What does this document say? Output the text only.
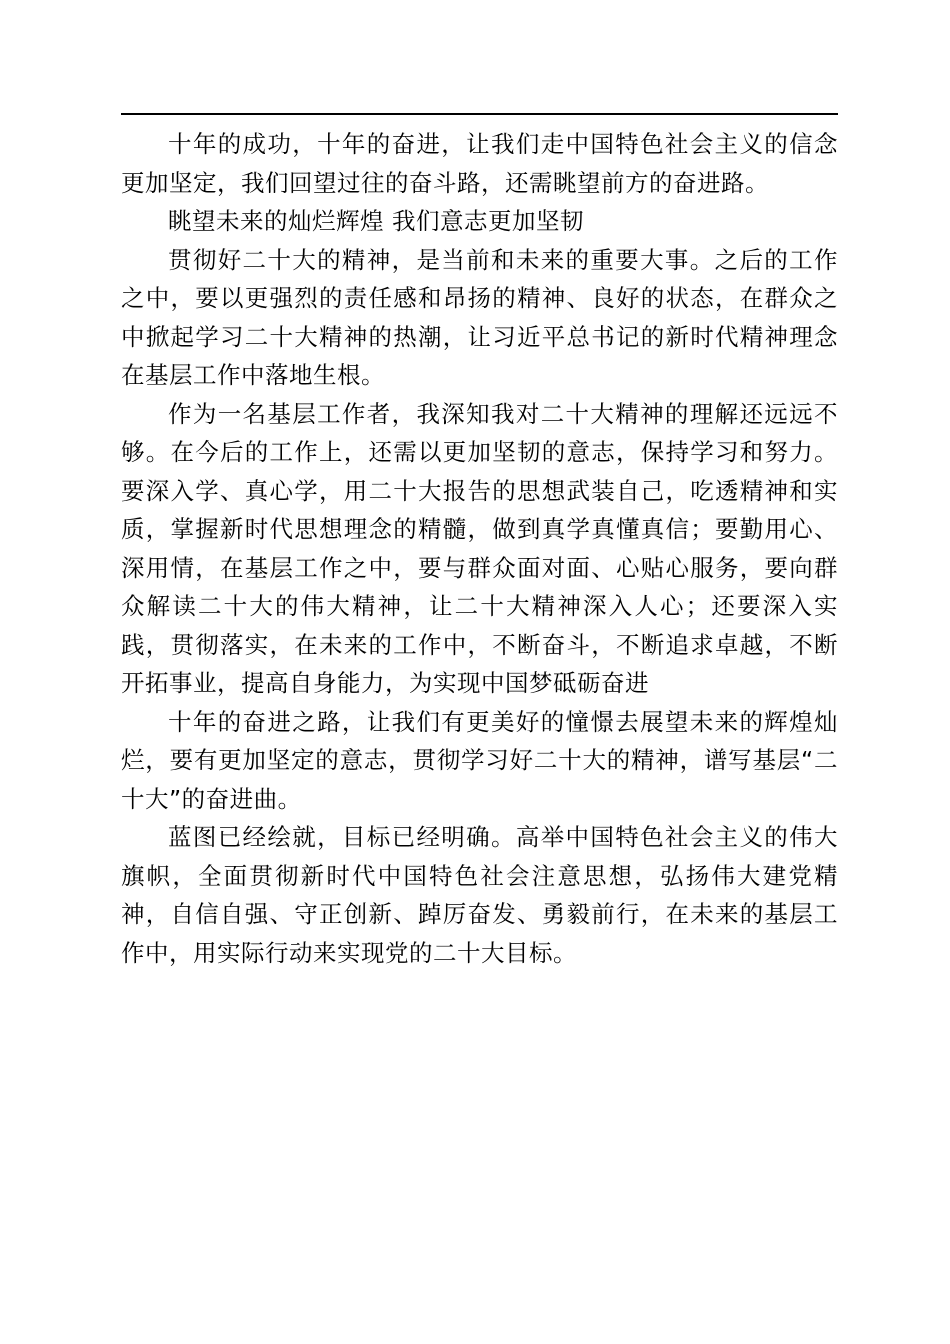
十年的成功，十年的奋进，让我们走中国特色社会主义的信念更加坚定，我们回望过往的奋斗路，还需眺望前方的奋进路。

眺望未来的灿烂辉煌 我们意志更加坚韧

贯彻好二十大的精神，是当前和未来的重要大事。之后的工作之中，要以更强烈的责任感和昂扬的精神、良好的状态，在群众之中掀起学习二十大精神的热潮，让习近平总书记的新时代精神理念在基层工作中落地生根。

作为一名基层工作者，我深知我对二十大精神的理解还远远不够。在今后的工作上，还需以更加坚韧的意志，保持学习和努力。要深入学、真心学，用二十大报告的思想武装自己，吃透精神和实质，掌握新时代思想理念的精髓，做到真学真懂真信；要勤用心、深用情，在基层工作之中，要与群众面对面、心贴心服务，要向群众解读二十大的伟大精神，让二十大精神深入人心；还要深入实践，贯彻落实，在未来的工作中，不断奋斗，不断追求卓越，不断开拓事业，提高自身能力，为实现中国梦砥砺奋进

十年的奋进之路，让我们有更美好的憧憬去展望未来的辉煌灿烂，要有更加坚定的意志，贯彻学习好二十大的精神，谱写基层“二十大”的奋进曲。

蓝图已经绘就，目标已经明确。高举中国特色社会主义的伟大旗帜，全面贯彻新时代中国特色社会注意思想，弘扬伟大建党精神，自信自强、守正创新、踔厉奋发、勇毅前行，在未来的基层工作中，用实际行动来实现党的二十大目标。
